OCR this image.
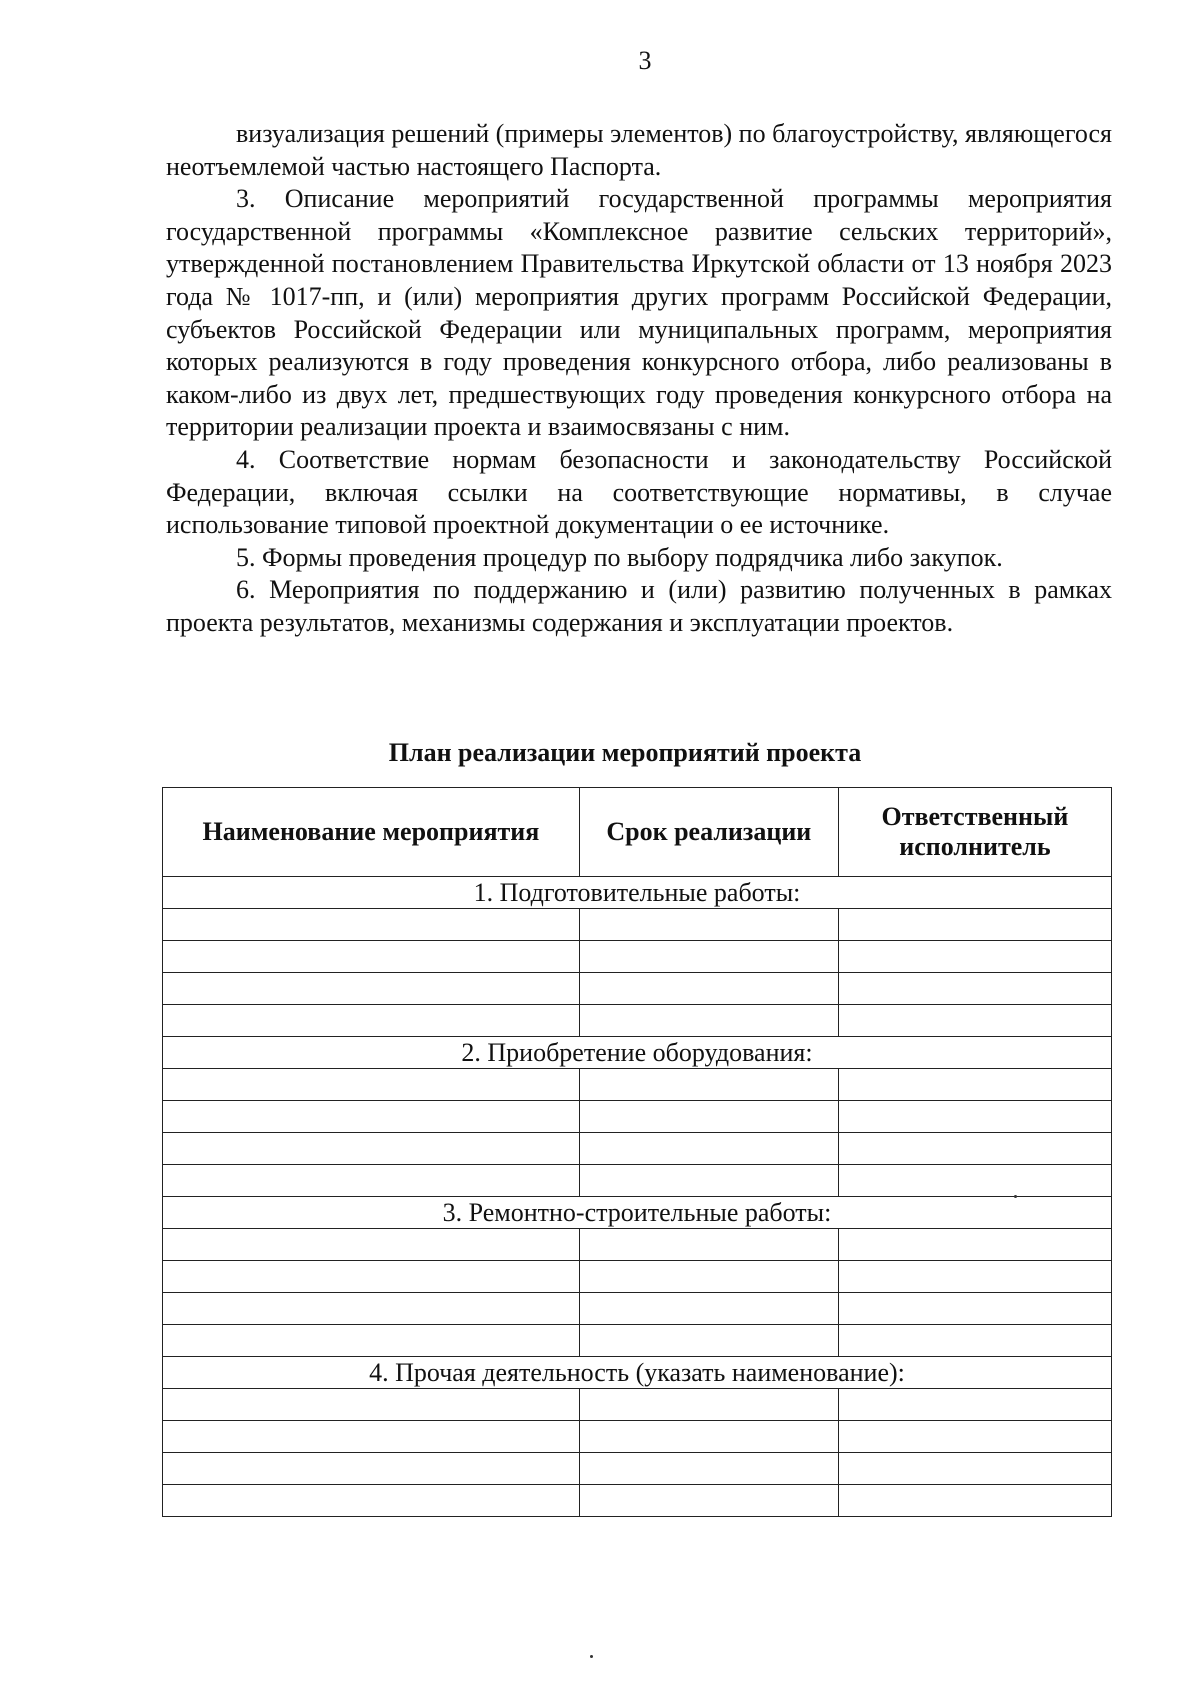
3

визуализация решений (примеры элементов) по благоустройству, являющегося неотъемлемой частью настоящего Паспорта.

3. Описание мероприятий государственной программы мероприятия государственной программы «Комплексное развитие сельских территорий», утвержденной постановлением Правительства Иркутской области от 13 ноября 2023 года № 1017-пп, и (или) мероприятия других программ Российской Федерации, субъектов Российской Федерации или муниципальных программ, мероприятия которых реализуются в году проведения конкурсного отбора, либо реализованы в каком-либо из двух лет, предшествующих году проведения конкурсного отбора на территории реализации проекта и взаимосвязаны с ним.

4. Соответствие нормам безопасности и законодательству Российской Федерации, включая ссылки на соответствующие нормативы, в случае использование типовой проектной документации о ее источнике.

5. Формы проведения процедур по выбору подрядчика либо закупок.

6. Мероприятия по поддержанию и (или) развитию полученных в рамках проекта результатов, механизмы содержания и эксплуатации проектов.

План реализации мероприятий проекта
Наименование мероприятия	Срок реализации	Ответственный исполнитель
1. Подготовительные работы:		

2. Приобретение оборудования:		

3. Ремонтно-строительные работы:		

4. Прочая деятельность (указать наименование):		
